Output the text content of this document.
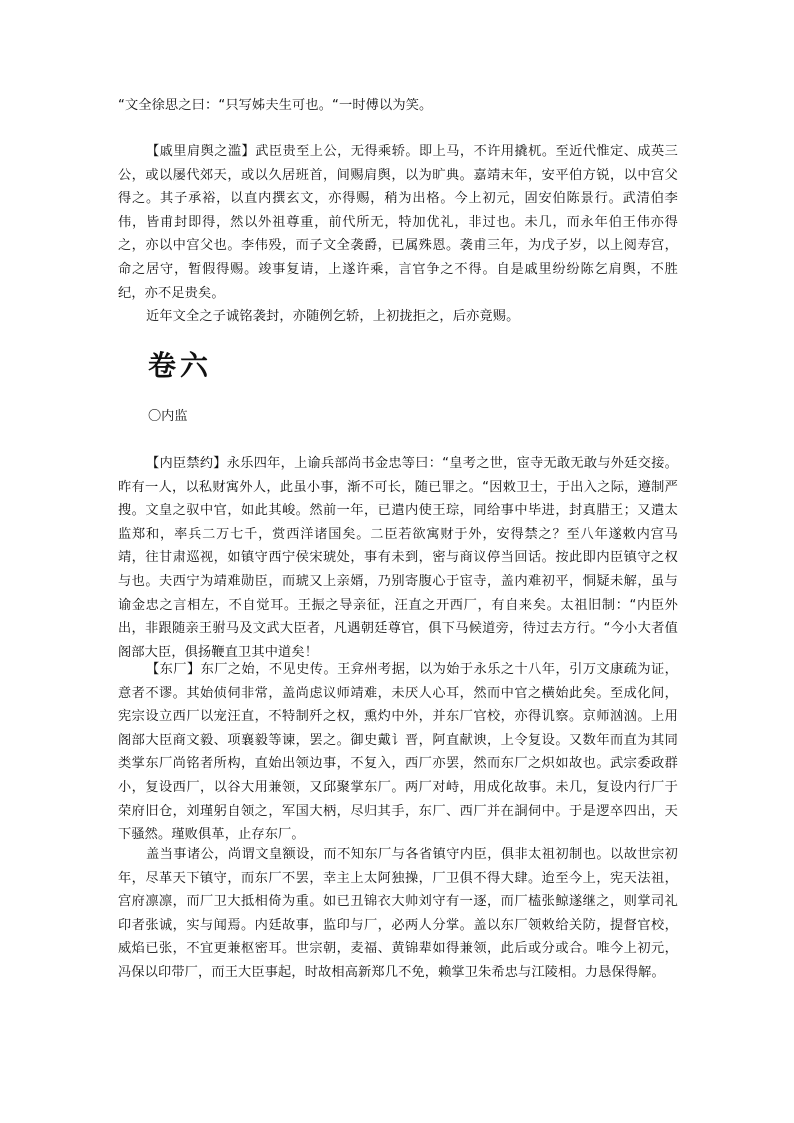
“文全徐思之曰：“只写姊夫生可也。“一时傅以为笑。

【戚里肩舆之滥】武臣贵至上公，无得乘轿。即上马，不许用撬杌。至近代惟定、成英三公，或以屡代郊天，或以久居班首，间赐肩舆，以为旷典。嘉靖末年，安平伯方锐，以中宫父得之。其子承裕，以直内撰玄文，亦得赐，稍为出格。今上初元，固安伯陈景行。武清伯李伟，皆甫封即得，然以外祖尊重，前代所无，特加优礼，非过也。未几，而永年伯王伟亦得之，亦以中宫父也。李伟殁，而子文全袭爵，已属殊恩。袭甫三年，为戊子岁，以上阅寿宫，命之居守，暂假得赐。竣事复请，上遂许乘，言官争之不得。自是戚里纷纷陈乞肩舆，不胜纪，亦不足贵矣。

近年文全之子诚铭袭封，亦随例乞轿，上初拢拒之，后亦竟赐。

卷六

〇内监

【内臣禁约】永乐四年，上谕兵部尚书金忠等曰：“皇考之世，宦寺无敢无敢与外廷交接。昨有一人，以私财寓外人，此虽小事，渐不可长，随已罪之。“因敕卫士，于出入之际，遵制严搜。文皇之驭中官，如此其峻。然前一年，已遣内使王琮，同给事中毕进，封真腊王；又遣太监郑和，率兵二万七千，赏西洋诸国矣。二臣若欲寓财于外，安得禁之？至八年遂敕内宫马靖，往甘肃巡视，如镇守西宁侯宋琥处，事有未到，密与商议停当回话。按此即内臣镇守之权与也。夫西宁为靖难勋臣，而琥又上亲婿，乃别寄腹心于宦寺，盖内难初平，恫疑未解，虽与谕金忠之言相左，不自觉耳。王振之导亲征，汪直之开西厂，有自来矣。太祖旧制：“内臣外出，非跟随亲王驸马及文武大臣者，凡遇朝廷尊官，俱下马候道旁，待过去方行。“今小大者值阁部大臣，俱扬鞭直卫其中道矣！

【东厂】东厂之始，不见史传。王弇州考据，以为始于永乐之十八年，引万文康疏为证，意者不谬。其始侦伺非常，盖尚虑议师靖难，未厌人心耳，然而中官之横始此矣。至成化间，宪宗设立西厂以宠汪直，不特制歼之权，熏灼中外，并东厂官校，亦得讥察。京师汹汹。上用阁部大臣商文毅、项襄毅等谏，罢之。御史戴讠晋，阿直献谀，上令复设。又数年而直为其同类掌东厂尚铭者所构，直始出领边事，不复入，西厂亦罢，然而东厂之炽如故也。武宗委政群小，复设西厂，以谷大用兼领，又邱聚掌东厂。两厂对峙，用成化故事。未几，复设内行厂于荣府旧仓，刘瑾躬自领之，军国大柄，尽归其手，东厂、西厂并在詷伺中。于是逻卒四出，天下骚然。瑾败俱革，止存东厂。

盖当事诸公，尚谓文皇额设，而不知东厂与各省镇守内臣，俱非太祖初制也。以故世宗初年，尽革天下镇守，而东厂不罢，幸主上太阿独操，厂卫俱不得大肆。迨至今上，宪天法祖，宫府凛凛，而厂卫大抵相倚为重。如已丑锦衣大帅刘守有一逐，而厂榼张鲸遂继之，则掌司礼印者张诚，实与闻焉。内廷故事，监印与厂，必两人分掌。盖以东厂领敕给关防，提督官校，威焰已张，不宜更兼枢密耳。世宗朝，麦福、黄锦辈如得兼领，此后或分或合。唯今上初元，冯保以印带厂，而王大臣事起，时故相高新郑几不免，赖掌卫朱希忠与江陵相。力恳保得解。
